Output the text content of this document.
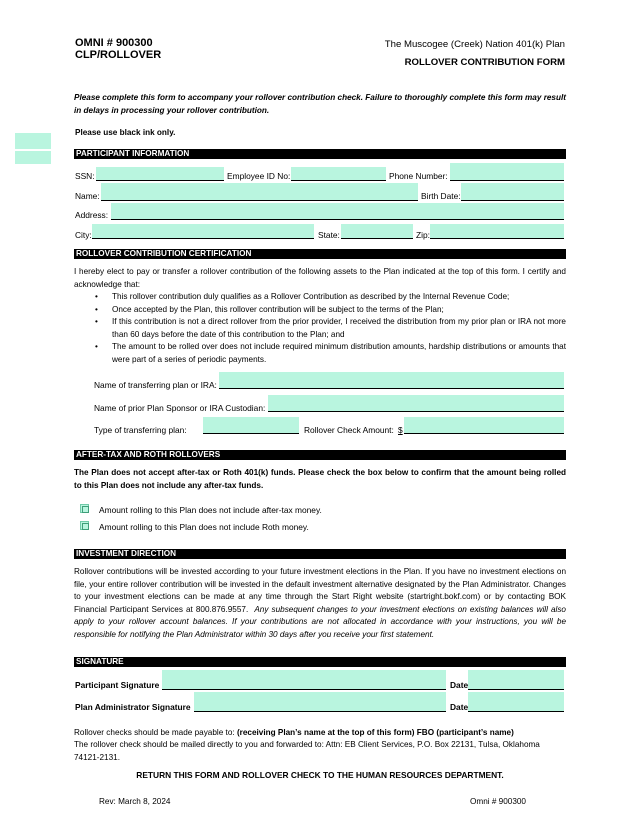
OMNI # 900300
CLP/ROLLOVER
The Muscogee (Creek) Nation 401(k) Plan
ROLLOVER CONTRIBUTION FORM
Please complete this form to accompany your rollover contribution check. Failure to thoroughly complete this form may result in delays in processing your rollover contribution.
Please use black ink only.
PARTICIPANT INFORMATION
SSN:	Employee ID No:	Phone Number:
Name:	Birth Date:
Address:
City:	State:	Zip:
ROLLOVER CONTRIBUTION CERTIFICATION
I hereby elect to pay or transfer a rollover contribution of the following assets to the Plan indicated at the top of this form. I certify and acknowledge that:
• This rollover contribution duly qualifies as a Rollover Contribution as described by the Internal Revenue Code;
• Once accepted by the Plan, this rollover contribution will be subject to the terms of the Plan;
• If this contribution is not a direct rollover from the prior provider, I received the distribution from my prior plan or IRA not more than 60 days before the date of this contribution to the Plan; and
• The amount to be rolled over does not include required minimum distribution amounts, hardship distributions or amounts that were part of a series of periodic payments.
Name of transferring plan or IRA:
Name of prior Plan Sponsor or IRA Custodian:
Type of transferring plan:	Rollover Check Amount: $
AFTER-TAX AND ROTH ROLLOVERS
The Plan does not accept after-tax or Roth 401(k) funds. Please check the box below to confirm that the amount being rolled to this Plan does not include any after-tax funds.
Amount rolling to this Plan does not include after-tax money.
Amount rolling to this Plan does not include Roth money.
INVESTMENT DIRECTION
Rollover contributions will be invested according to your future investment elections in the Plan. If you have no investment elections on file, your entire rollover contribution will be invested in the default investment alternative designated by the Plan Administrator. Changes to your investment elections can be made at any time through the Start Right website (startright.bokf.com) or by contacting BOK Financial Participant Services at 800.876.9557. Any subsequent changes to your investment elections on existing balances will also apply to your rollover account balances. If your contributions are not allocated in accordance with your instructions, you will be responsible for notifying the Plan Administrator within 30 days after you receive your first statement.
SIGNATURE
Participant Signature	Date
Plan Administrator Signature	Date
Rollover checks should be made payable to: (receiving Plan’s name at the top of this form) FBO (participant’s name)
The rollover check should be mailed directly to you and forwarded to: Attn: EB Client Services, P.O. Box 22131, Tulsa, Oklahoma 74121-2131.
RETURN THIS FORM AND ROLLOVER CHECK TO THE HUMAN RESOURCES DEPARTMENT.
Rev: March 8, 2024	Omni # 900300
